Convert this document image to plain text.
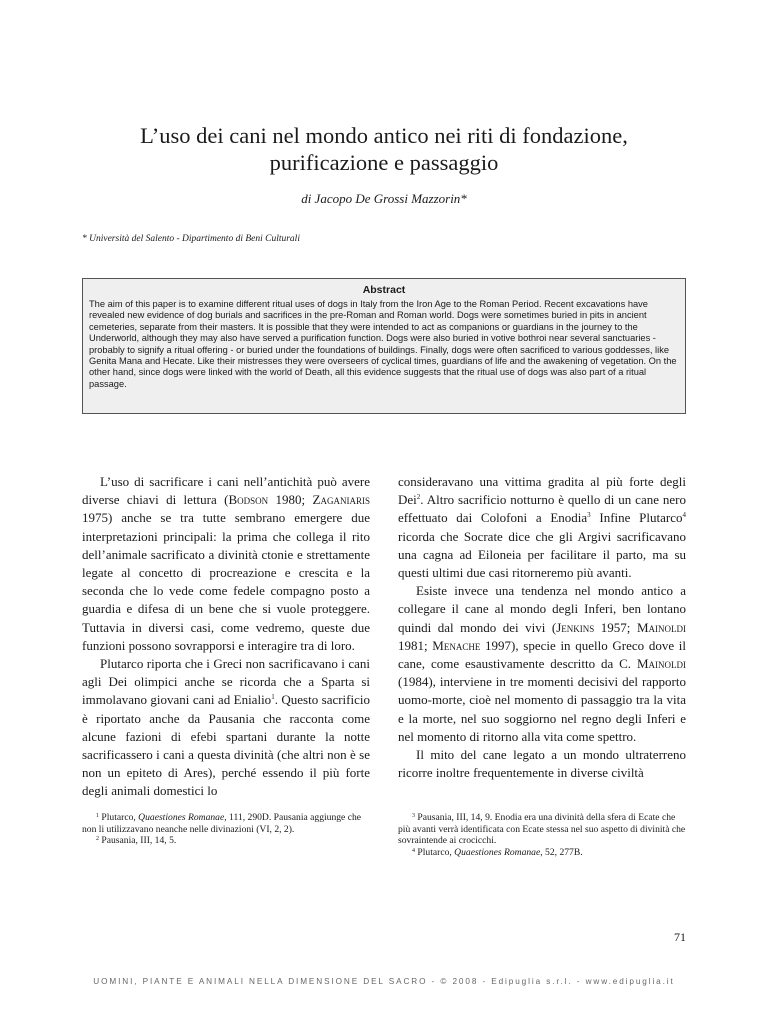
L’uso dei cani nel mondo antico nei riti di fondazione,
purificazione e passaggio
di Jacopo De Grossi Mazzorin*
* Università del Salento - Dipartimento di Beni Culturali
Abstract

The aim of this paper is to examine different ritual uses of dogs in Italy from the Iron Age to the Roman Period. Recent excavations have revealed new evidence of dog burials and sacrifices in the pre-Roman and Roman world. Dogs were sometimes buried in pits in ancient cemeteries, separate from their masters. It is possible that they were intended to act as companions or guardians in the journey to the Underworld, although they may also have served a purification function. Dogs were also buried in votive bothroi near several sanctuaries - probably to signify a ritual offering - or buried under the foundations of buildings. Finally, dogs were often sacrificed to various goddesses, like Genita Mana and Hecate. Like their mistresses they were overseers of cyclical times, guardians of life and the awakening of vegetation. On the other hand, since dogs were linked with the world of Death, all this evidence suggests that the ritual use of dogs was also part of a ritual passage.

L’uso di sacrificare i cani nell’antichità può avere diverse chiavi di lettura (Bodson 1980; Zaganiaris 1975) anche se tra tutte sembrano emergere due interpretazioni principali: la prima che collega il rito dell’animale sacrificato a divinità ctonie e strettamente legate al concetto di procreazione e crescita e la seconda che lo vede come fedele compagno posto a guardia e difesa di un bene che si vuole proteggere. Tuttavia in diversi casi, come vedremo, queste due funzioni possono sovrapporsi e interagire tra di loro.

Plutarco riporta che i Greci non sacrificavano i cani agli Dei olimpici anche se ricorda che a Sparta si immolavano giovani cani ad Enialio$^1$. Questo sacrificio è riportato anche da Pausania che racconta come alcune fazioni di efebi spartani durante la notte sacrificassero i cani a questa divinità (che altri non è se non un epiteto di Ares), perché essendo il più forte degli animali domestici lo

consideravano una vittima gradita al più forte degli Dei$^2$. Altro sacrificio notturno è quello di un cane nero effettuato dai Colofoni a Enodia$^3$ Infine Plutarco$^4$ ricorda che Socrate dice che gli Argivi sacrificavano una cagna ad Eiloneia per facilitare il parto, ma su questi ultimi due casi ritorneremo più avanti.

Esiste invece una tendenza nel mondo antico a collegare il cane al mondo degli Inferi, ben lontano quindi dal mondo dei vivi (Jenkins 1957; Mainoldi 1981; Menache 1997), specie in quello Greco dove il cane, come esaustivamente descritto da C. Mainoldi (1984), interviene in tre momenti decisivi del rapporto uomo-morte, cioè nel momento di passaggio tra la vita e la morte, nel suo soggiorno nel regno degli Inferi e nel momento di ritorno alla vita come spettro.

Il mito del cane legato a un mondo ultraterreno ricorre inoltre frequentemente in diverse civiltà

$^1$ Plutarco, Quaestiones Romanae, 111, 290D. Pausania aggiunge che non li utilizzavano neanche nelle divinazioni (VI, 2, 2).

$^2$ Pausania, III, 14, 5.

$^3$ Pausania, III, 14, 9. Enodia era una divinità della sfera di Ecate che più avanti verrà identificata con Ecate stessa nel suo aspetto di divinità che sovraintende ai crocicchi.

$^4$ Plutarco, Quaestiones Romanae, 52, 277B.

71
UOMINI, PIANTE E ANIMALI NELLA DIMENSIONE DEL SACRO - © 2008 - Edipuglia s.r.l. - www.edipuglia.it
